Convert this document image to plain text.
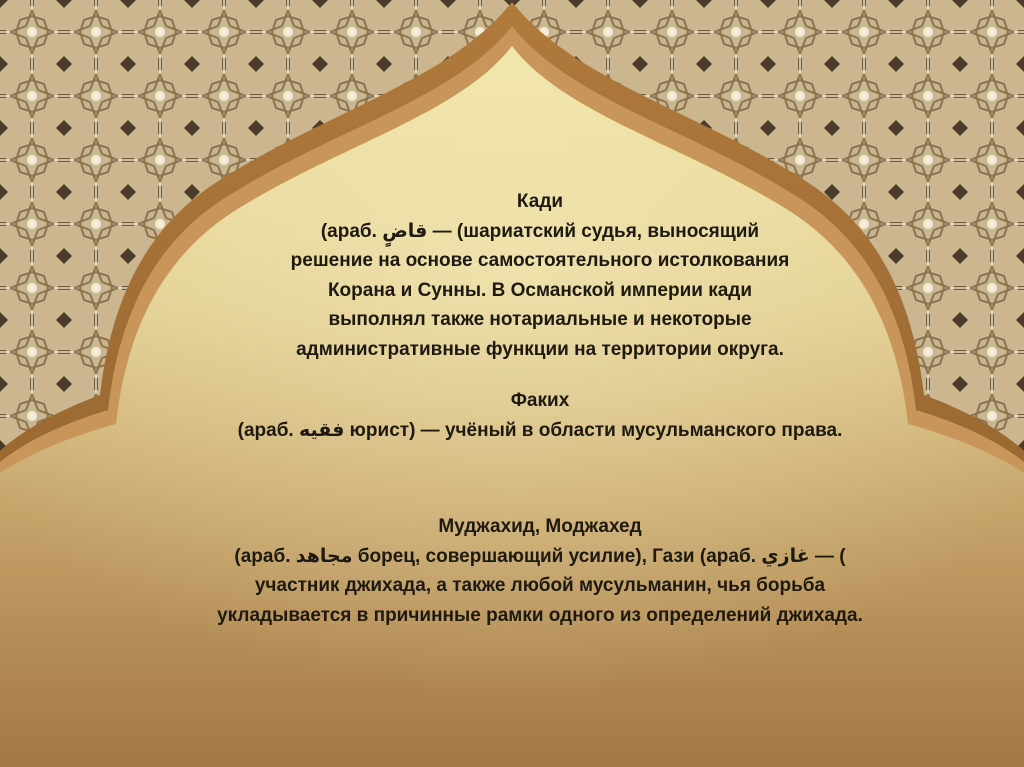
Кади
(араб. قاضٍ — (шариатский судья, выносящий
решение на основе самостоятельного истолкования
Корана и Сунны. В Османской империи кади
выполнял также нотариальные и некоторые
административные функции на территории округа.
Факих
(араб. فقيه юрист) — учёный в области мусульманского права.
Муджахид, Моджахед
(араб. مجاهد борец, совершающий усилие), Гази (араб. غازي — (
участник джихада, а также любой мусульманин, чья борьба
укладывается в причинные рамки одного из определений джихада.
